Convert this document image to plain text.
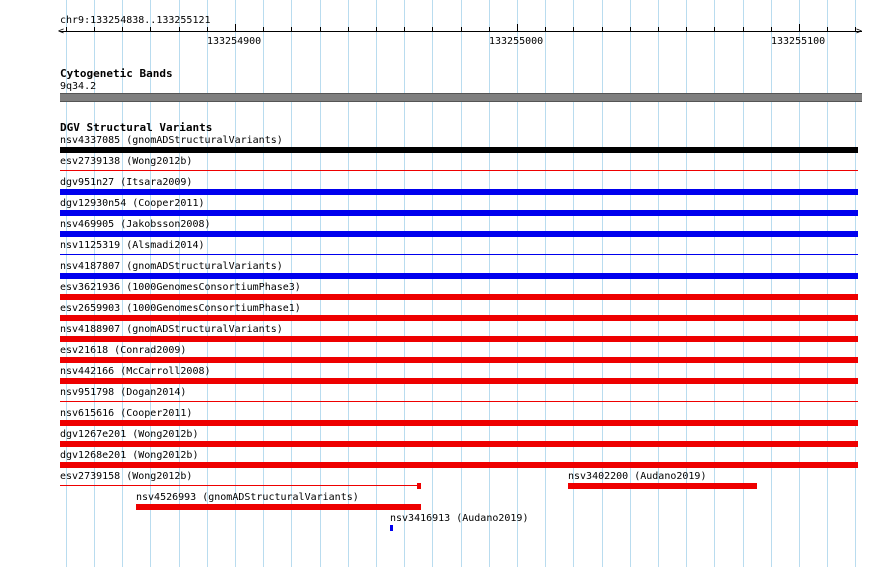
chr9:133254838..133255121
<	>
133254900	133255000	133255100
Cytogenetic Bands
9q34.2
DGV Structural Variants
nsv4337085 (gnomADStructuralVariants)
esv2739138 (Wong2012b)
dgv951n27 (Itsara2009)
dgv12930n54 (Cooper2011)
nsv469905 (Jakobsson2008)
nsv1125319 (Alsmadi2014)
nsv4187807 (gnomADStructuralVariants)
esv3621936 (1000GenomesConsortiumPhase3)
esv2659903 (1000GenomesConsortiumPhase1)
nsv4188907 (gnomADStructuralVariants)
esv21618 (Conrad2009)
nsv442166 (McCarroll2008)
nsv951798 (Dogan2014)
nsv615616 (Cooper2011)
dgv1267e201 (Wong2012b)
dgv1268e201 (Wong2012b)
esv2739158 (Wong2012b)	nsv3402200 (Audano2019)
nsv4526993 (gnomADStructuralVariants)
nsv3416913 (Audano2019)
